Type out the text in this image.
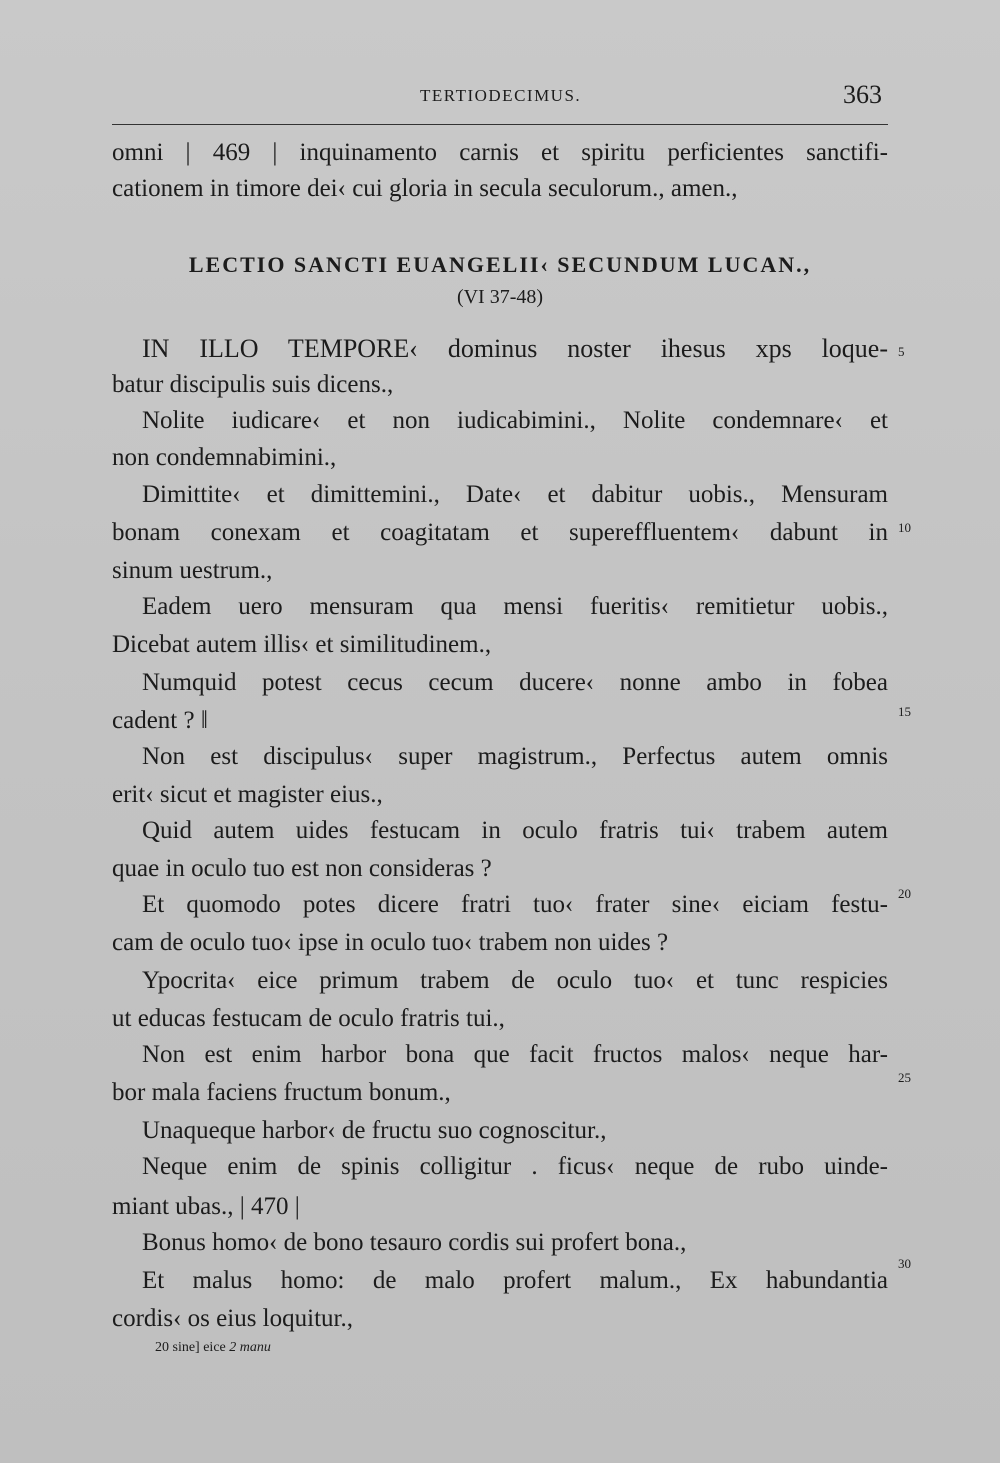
TERTIODECIMUS.	363
omni | 469 | inquinamento carnis et spiritu perficientes sanctifi-
cationem in timore dei‹ cui gloria in secula seculorum., amen.,
LECTIO SANCTI EUANGELII‹ SECUNDUM LUCAN.,
(VI 37-48)
IN ILLO TEMPORE‹ dominus noster ihesus xps loque-
batur discipulis suis dicens.,
Nolite iudicare‹ et non iudicabimini., Nolite condemnare‹ et
non condemnabimini.,
Dimittite‹ et dimittemini., Date‹ et dabitur uobis., Mensuram
bonam conexam et coagitatam et supereffluentem‹ dabunt in
sinum uestrum.,
Eadem uero mensuram qua mensi fueritis‹ remitietur uobis.,
Dicebat autem illis‹ et similitudinem.,
Numquid potest cecus cecum ducere‹ nonne ambo in fobea
cadent ? ‖
Non est discipulus‹ super magistrum., Perfectus autem omnis
erit‹ sicut et magister eius.,
Quid autem uides festucam in oculo fratris tui‹ trabem autem
quae in oculo tuo est non consideras ?
Et quomodo potes dicere fratri tuo‹ frater sine‹ eiciam festu-
cam de oculo tuo‹ ipse in oculo tuo‹ trabem non uides ?
Ypocrita‹ eice primum trabem de oculo tuo‹ et tunc respicies
ut educas festucam de oculo fratris tui.,
Non est enim harbor bona que facit fructos malos‹ neque har-
bor mala faciens fructum bonum.,
Unaqueque harbor‹ de fructu suo cognoscitur.,
Neque enim de spinis colligitur . ficus‹ neque de rubo uinde-
miant ubas., | 470 |
Bonus homo‹ de bono tesauro cordis sui profert bona.,
Et malus homo: de malo profert malum., Ex habundantia
cordis‹ os eius loquitur.,
5
10
15
20
25
30
20 sine] eice 2 manu
